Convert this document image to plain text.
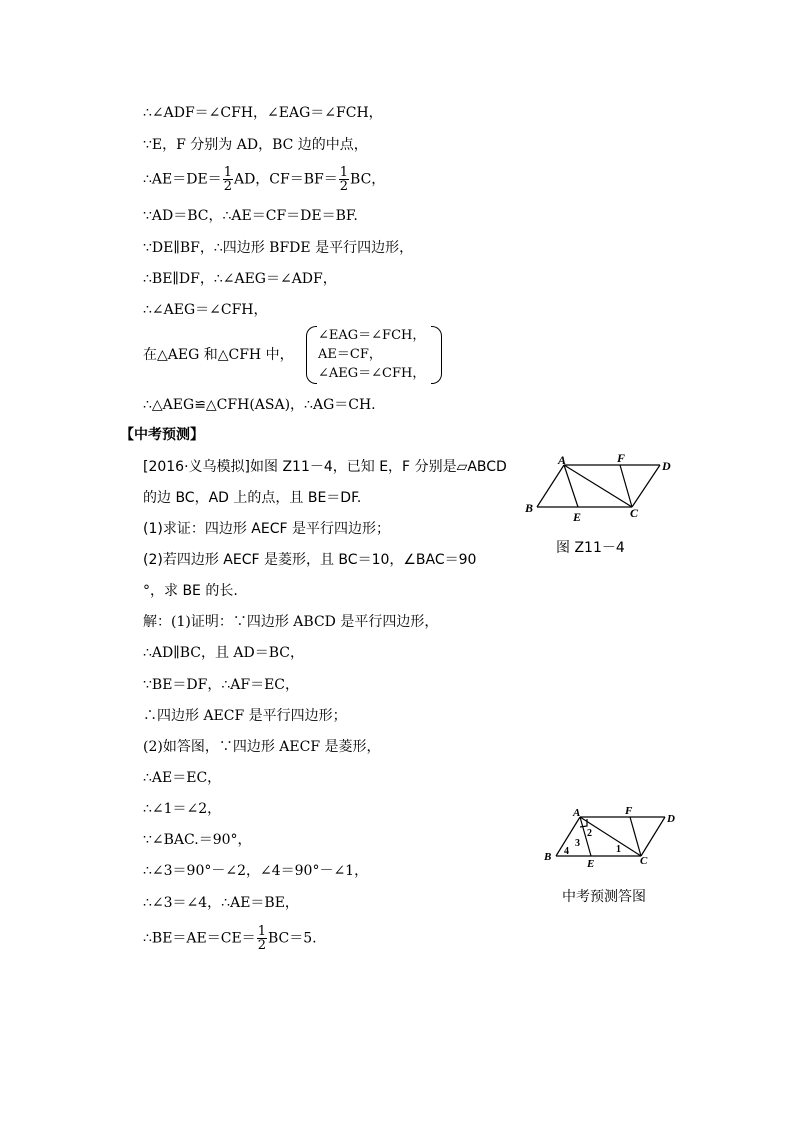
∴∠ADF＝∠CFH，∠EAG＝∠FCH，
∵E，F 分别为 AD，BC 边的中点，
∴AE＝DE＝ $\frac{1}{2}$ AD，$CF=BF= \frac{1}{2}$ BC，
∵AD＝BC，∴AE＝CF＝DE＝BF.
∵DE∥BF，∴四边形 BFDE 是平行四边形，
∴BE∥DF，∴∠AEG＝∠ADF，
∴∠AEG＝∠CFH，
在△AEG 和△CFH 中，
∠EAG＝∠FCH，
AE＝CF，
∠AEG＝∠CFH，
∴△AEG≌△CFH(ASA)，∴AG＝CH.
【中考预测】
[2016·义乌模拟]如图 Z11－4，已知 E，F 分别是▱ABCD
的边 BC，AD 上的点，且 BE＝DF.
(1)求证：四边形 AECF 是平行四边形；
(2)若四边形 AECF 是菱形，且 BC＝10，∠BAC＝90
°，求 BE 的长.
解：(1)证明：∵四边形 ABCD 是平行四边形，
∴AD∥BC，且 AD＝BC，
∵BE＝DF，∴AF＝EC，
∴四边形 AECF 是平行四边形；
(2)如答图，∵四边形 AECF 是菱形，
∴AE＝EC，
∴∠1＝∠2，
∵∠BAC.＝90°，
∴∠3＝90°－∠2，∠4＝90°－∠1，
∴∠3＝∠4，∴AE＝BE，
∴BE＝AE＝CE＝ $\frac{1}{2} BC=5$.
A	F
D
B
E	C
图 Z11－4
A	F
D
B
E	C
1
2
3
4
中考预测答图
